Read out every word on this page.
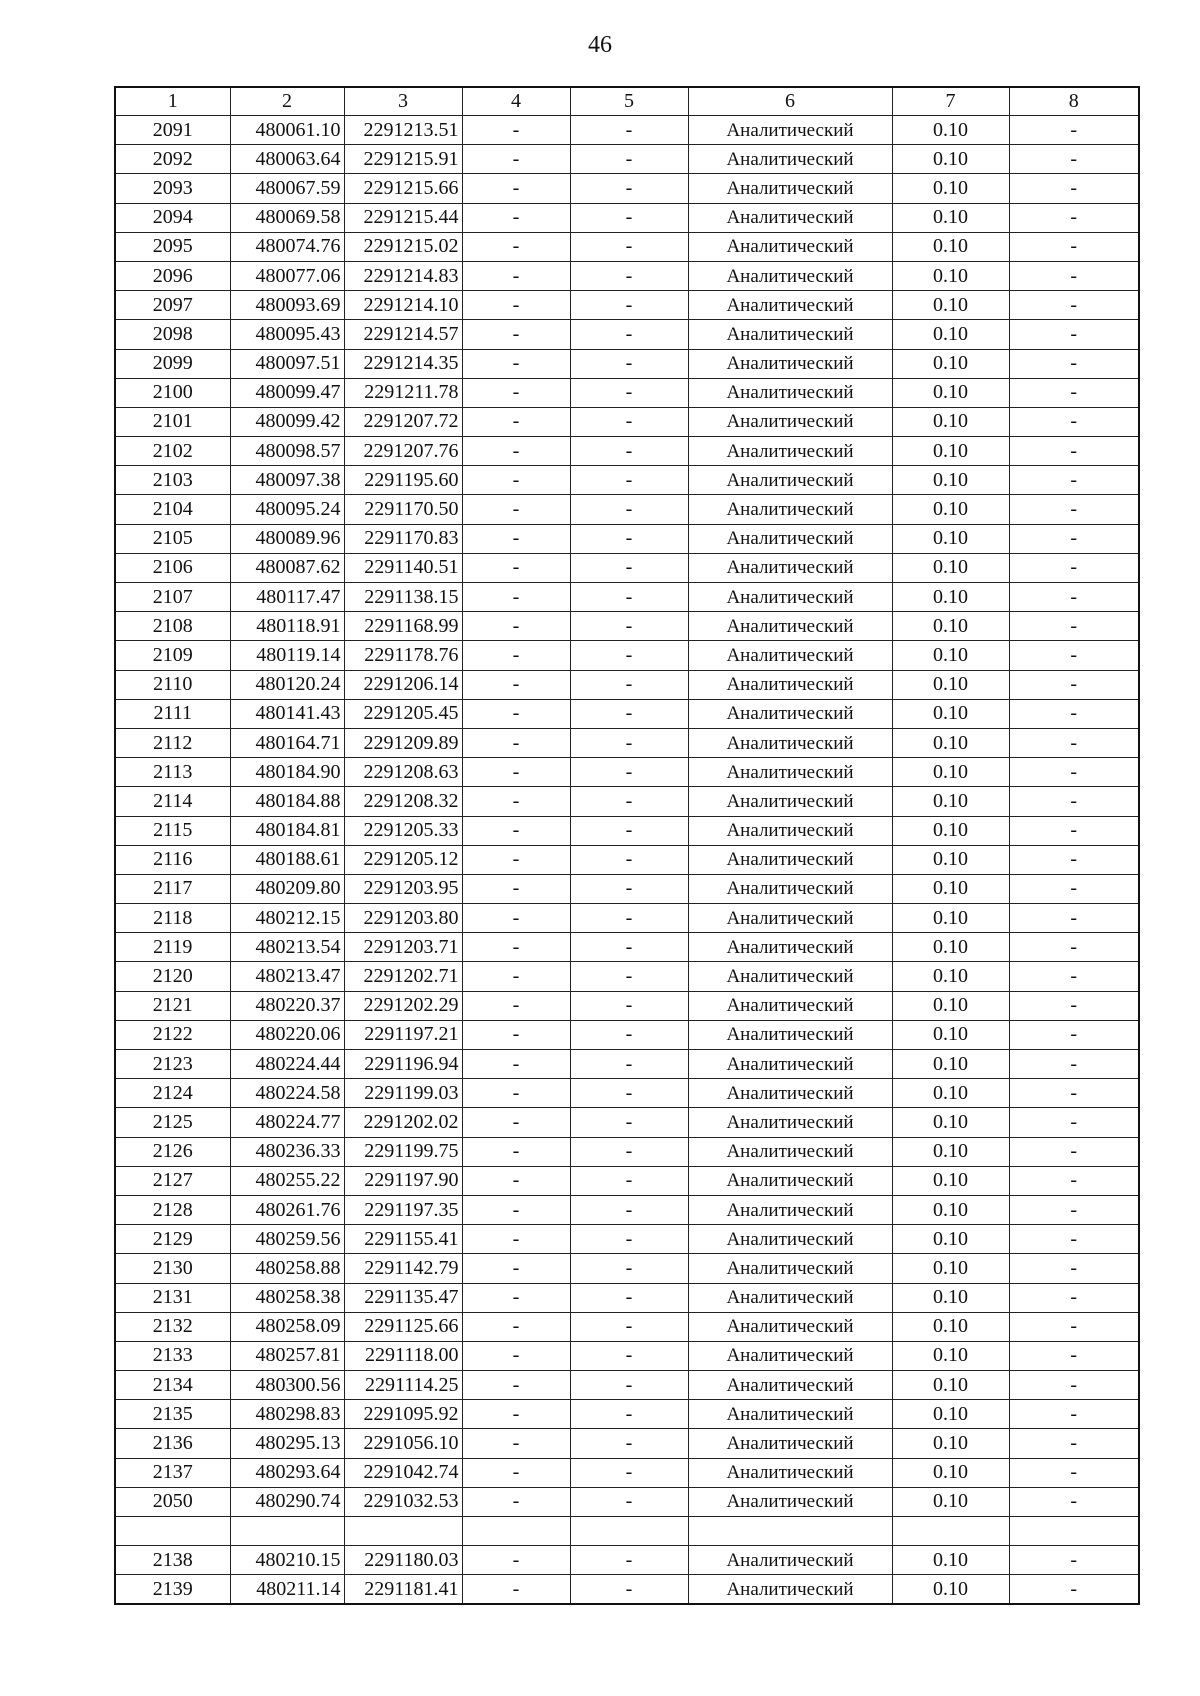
46
1	2	3	4	5	6	7	8
2091	480061.10	2291213.51	-	-	Аналитический	0.10	-
2092	480063.64	2291215.91	-	-	Аналитический	0.10	-
2093	480067.59	2291215.66	-	-	Аналитический	0.10	-
2094	480069.58	2291215.44	-	-	Аналитический	0.10	-
2095	480074.76	2291215.02	-	-	Аналитический	0.10	-
2096	480077.06	2291214.83	-	-	Аналитический	0.10	-
2097	480093.69	2291214.10	-	-	Аналитический	0.10	-
2098	480095.43	2291214.57	-	-	Аналитический	0.10	-
2099	480097.51	2291214.35	-	-	Аналитический	0.10	-
2100	480099.47	2291211.78	-	-	Аналитический	0.10	-
2101	480099.42	2291207.72	-	-	Аналитический	0.10	-
2102	480098.57	2291207.76	-	-	Аналитический	0.10	-
2103	480097.38	2291195.60	-	-	Аналитический	0.10	-
2104	480095.24	2291170.50	-	-	Аналитический	0.10	-
2105	480089.96	2291170.83	-	-	Аналитический	0.10	-
2106	480087.62	2291140.51	-	-	Аналитический	0.10	-
2107	480117.47	2291138.15	-	-	Аналитический	0.10	-
2108	480118.91	2291168.99	-	-	Аналитический	0.10	-
2109	480119.14	2291178.76	-	-	Аналитический	0.10	-
2110	480120.24	2291206.14	-	-	Аналитический	0.10	-
2111	480141.43	2291205.45	-	-	Аналитический	0.10	-
2112	480164.71	2291209.89	-	-	Аналитический	0.10	-
2113	480184.90	2291208.63	-	-	Аналитический	0.10	-
2114	480184.88	2291208.32	-	-	Аналитический	0.10	-
2115	480184.81	2291205.33	-	-	Аналитический	0.10	-
2116	480188.61	2291205.12	-	-	Аналитический	0.10	-
2117	480209.80	2291203.95	-	-	Аналитический	0.10	-
2118	480212.15	2291203.80	-	-	Аналитический	0.10	-
2119	480213.54	2291203.71	-	-	Аналитический	0.10	-
2120	480213.47	2291202.71	-	-	Аналитический	0.10	-
2121	480220.37	2291202.29	-	-	Аналитический	0.10	-
2122	480220.06	2291197.21	-	-	Аналитический	0.10	-
2123	480224.44	2291196.94	-	-	Аналитический	0.10	-
2124	480224.58	2291199.03	-	-	Аналитический	0.10	-
2125	480224.77	2291202.02	-	-	Аналитический	0.10	-
2126	480236.33	2291199.75	-	-	Аналитический	0.10	-
2127	480255.22	2291197.90	-	-	Аналитический	0.10	-
2128	480261.76	2291197.35	-	-	Аналитический	0.10	-
2129	480259.56	2291155.41	-	-	Аналитический	0.10	-
2130	480258.88	2291142.79	-	-	Аналитический	0.10	-
2131	480258.38	2291135.47	-	-	Аналитический	0.10	-
2132	480258.09	2291125.66	-	-	Аналитический	0.10	-
2133	480257.81	2291118.00	-	-	Аналитический	0.10	-
2134	480300.56	2291114.25	-	-	Аналитический	0.10	-
2135	480298.83	2291095.92	-	-	Аналитический	0.10	-
2136	480295.13	2291056.10	-	-	Аналитический	0.10	-
2137	480293.64	2291042.74	-	-	Аналитический	0.10	-
2050	480290.74	2291032.53	-	-	Аналитический	0.10	-

2138	480210.15	2291180.03	-	-	Аналитический	0.10	-
2139	480211.14	2291181.41	-	-	Аналитический	0.10	-
